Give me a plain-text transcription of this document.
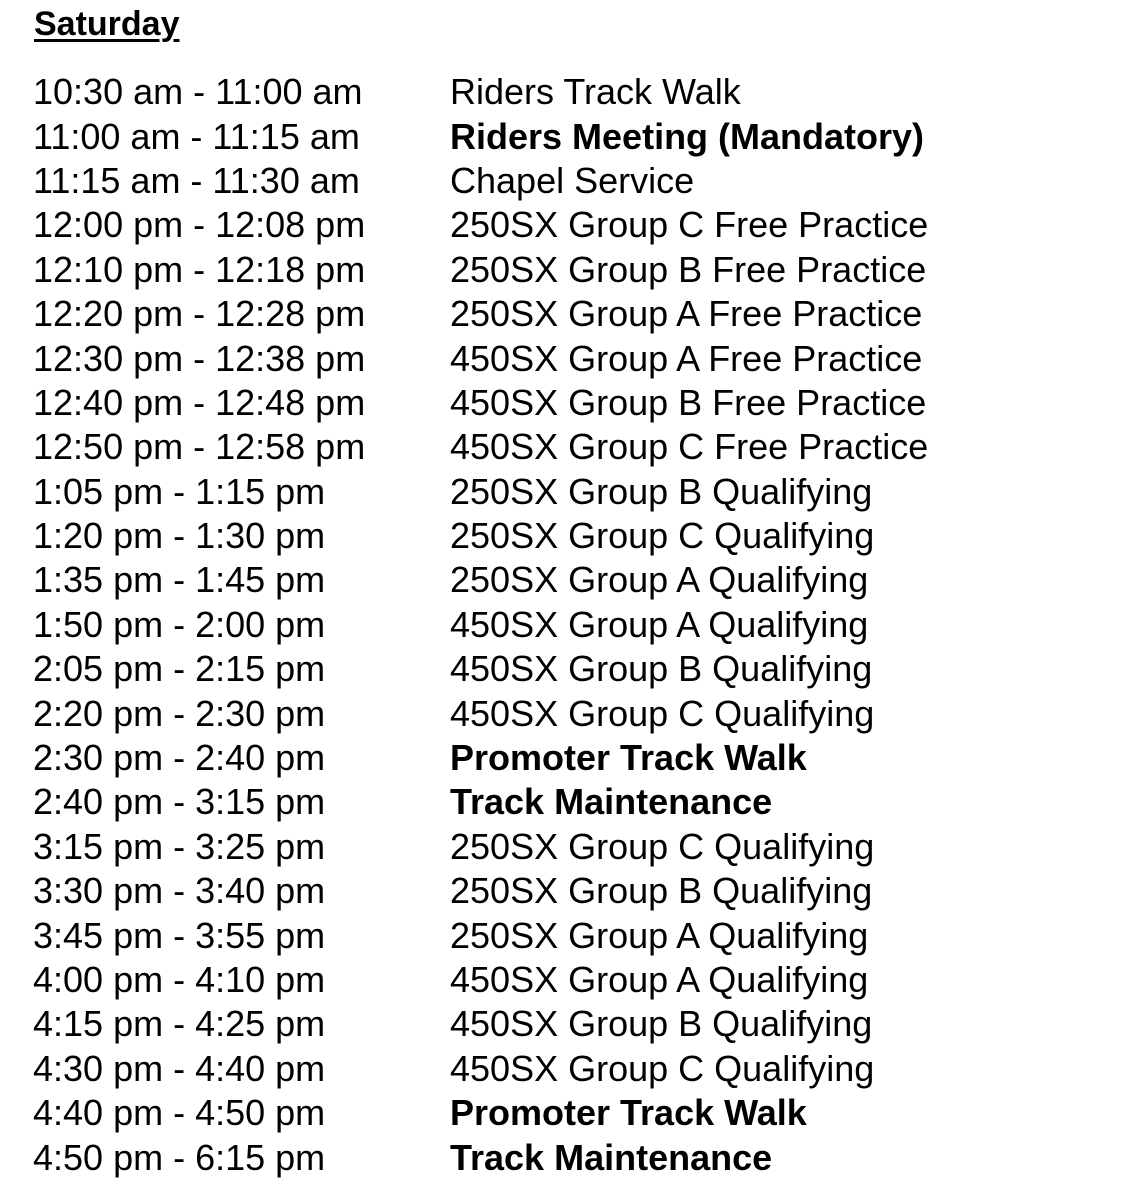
Saturday
10:30 am - 11:00 am	Riders Track Walk
11:00 am - 11:15 am	Riders Meeting (Mandatory)
11:15 am - 11:30 am	Chapel Service
12:00 pm - 12:08 pm	250SX Group C Free Practice
12:10 pm - 12:18 pm	250SX Group B Free Practice
12:20 pm - 12:28 pm	250SX Group A Free Practice
12:30 pm - 12:38 pm	450SX Group A Free Practice
12:40 pm - 12:48 pm	450SX Group B Free Practice
12:50 pm - 12:58 pm	450SX Group C Free Practice
1:05 pm - 1:15 pm	250SX Group B Qualifying
1:20 pm - 1:30 pm	250SX Group C Qualifying
1:35 pm - 1:45 pm	250SX Group A Qualifying
1:50 pm - 2:00 pm	450SX Group A Qualifying
2:05 pm - 2:15 pm	450SX Group B Qualifying
2:20 pm - 2:30 pm	450SX Group C Qualifying
2:30 pm - 2:40 pm	Promoter Track Walk
2:40 pm - 3:15 pm	Track Maintenance
3:15 pm - 3:25 pm	250SX Group C Qualifying
3:30 pm - 3:40 pm	250SX Group B Qualifying
3:45 pm - 3:55 pm	250SX Group A Qualifying
4:00 pm - 4:10 pm	450SX Group A Qualifying
4:15 pm - 4:25 pm	450SX Group B Qualifying
4:30 pm - 4:40 pm	450SX Group C Qualifying
4:40 pm - 4:50 pm	Promoter Track Walk
4:50 pm - 6:15 pm	Track Maintenance
